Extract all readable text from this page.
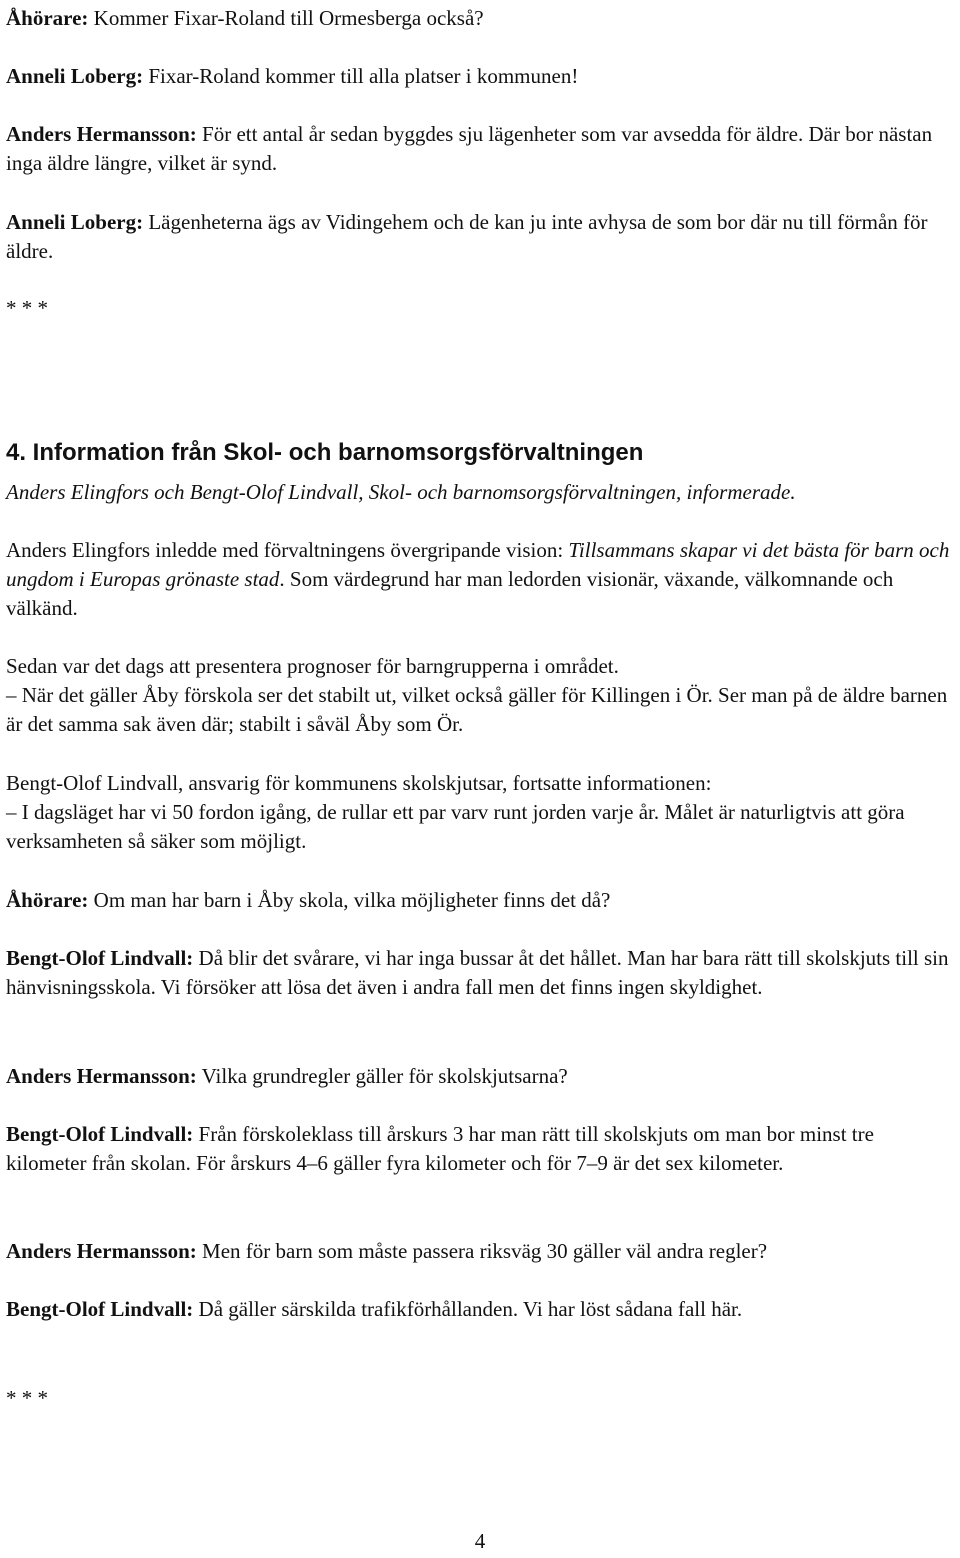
Åhörare: Kommer Fixar-Roland till Ormesberga också?

Anneli Loberg: Fixar-Roland kommer till alla platser i kommunen!

Anders Hermansson: För ett antal år sedan byggdes sju lägenheter som var avsedda för äldre. Där bor nästan inga äldre längre, vilket är synd.

Anneli Loberg: Lägenheterna ägs av Vidingehem och de kan ju inte avhysa de som bor där nu till förmån för äldre.

* * *

4. Information från Skol- och barnomsorgsförvaltningen

Anders Elingfors och Bengt-Olof Lindvall, Skol- och barnomsorgsförvaltningen, informerade.

Anders Elingfors inledde med förvaltningens övergripande vision: Tillsammans skapar vi det bästa för barn och ungdom i Europas grönaste stad. Som värdegrund har man ledorden visionär, växande, välkomnande och välkänd.

Sedan var det dags att presentera prognoser för barngrupperna i området.
– När det gäller Åby förskola ser det stabilt ut, vilket också gäller för Killingen i Ör. Ser man på de äldre barnen är det samma sak även där; stabilt i såväl Åby som Ör.
Bengt-Olof Lindvall, ansvarig för kommunens skolskjutsar, fortsatte informationen:
– I dagsläget har vi 50 fordon igång, de rullar ett par varv runt jorden varje år. Målet är naturligtvis att göra verksamheten så säker som möjligt.

Åhörare: Om man har barn i Åby skola, vilka möjligheter finns det då?

Bengt-Olof Lindvall: Då blir det svårare, vi har inga bussar åt det hållet. Man har bara rätt till skolskjuts till sin hänvisningsskola. Vi försöker att lösa det även i andra fall men det finns ingen skyldighet.

Anders Hermansson: Vilka grundregler gäller för skolskjutsarna?

Bengt-Olof Lindvall: Från förskoleklass till årskurs 3 har man rätt till skolskjuts om man bor minst tre kilometer från skolan. För årskurs 4–6 gäller fyra kilometer och för 7–9 är det sex kilometer.

Anders Hermansson: Men för barn som måste passera riksväg 30 gäller väl andra regler?

Bengt-Olof Lindvall: Då gäller särskilda trafikförhållanden. Vi har löst sådana fall här.

* * *

4
